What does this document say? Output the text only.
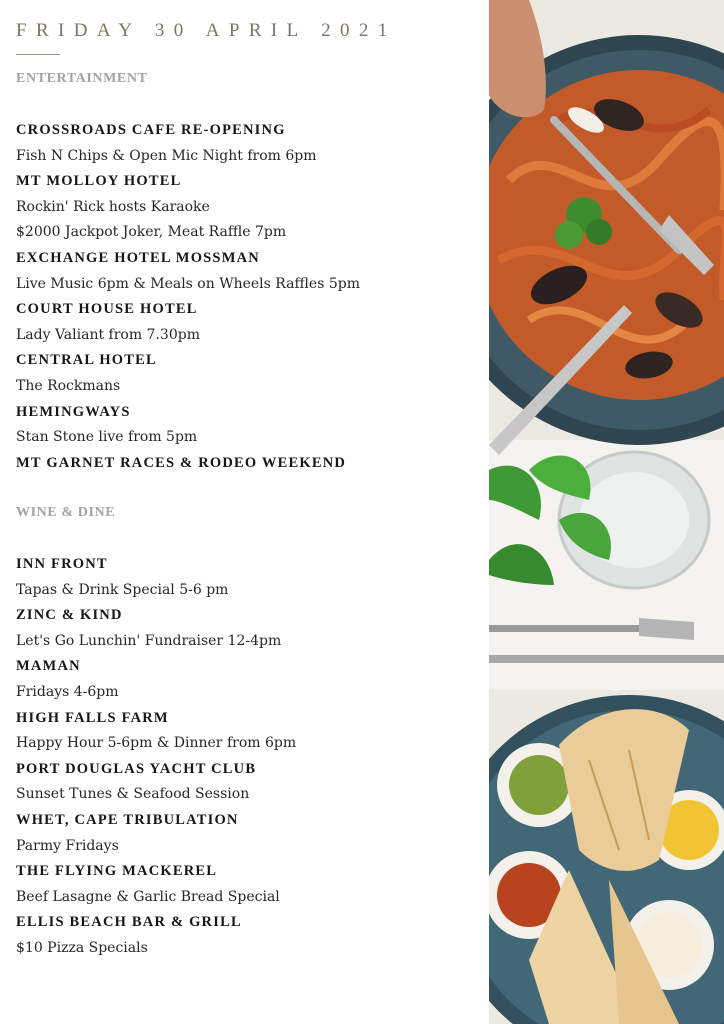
FRIDAY 30 APRIL 2021
ENTERTAINMENT
CROSSROADS CAFE RE-OPENING
Fish N Chips & Open Mic Night from 6pm
MT MOLLOY HOTEL
Rockin' Rick hosts Karaoke
$2000 Jackpot Joker, Meat Raffle 7pm
EXCHANGE HOTEL MOSSMAN
Live Music 6pm & Meals on Wheels Raffles 5pm
COURT HOUSE HOTEL
Lady Valiant from 7.30pm
CENTRAL HOTEL
The Rockmans
HEMINGWAYS
Stan Stone live from 5pm
MT GARNET RACES & RODEO WEEKEND
WINE & DINE
INN FRONT
Tapas & Drink Special 5-6 pm
ZINC & KIND
Let's Go Lunchin' Fundraiser 12-4pm
MAMAN
Fridays 4-6pm
HIGH FALLS FARM
Happy Hour 5-6pm & Dinner from 6pm
PORT DOUGLAS YACHT CLUB
Sunset Tunes & Seafood Session
WHET, CAPE TRIBULATION
Parmy Fridays
THE FLYING MACKEREL
Beef Lasagne & Garlic Bread Special
ELLIS BEACH BAR & GRILL
$10 Pizza Specials
